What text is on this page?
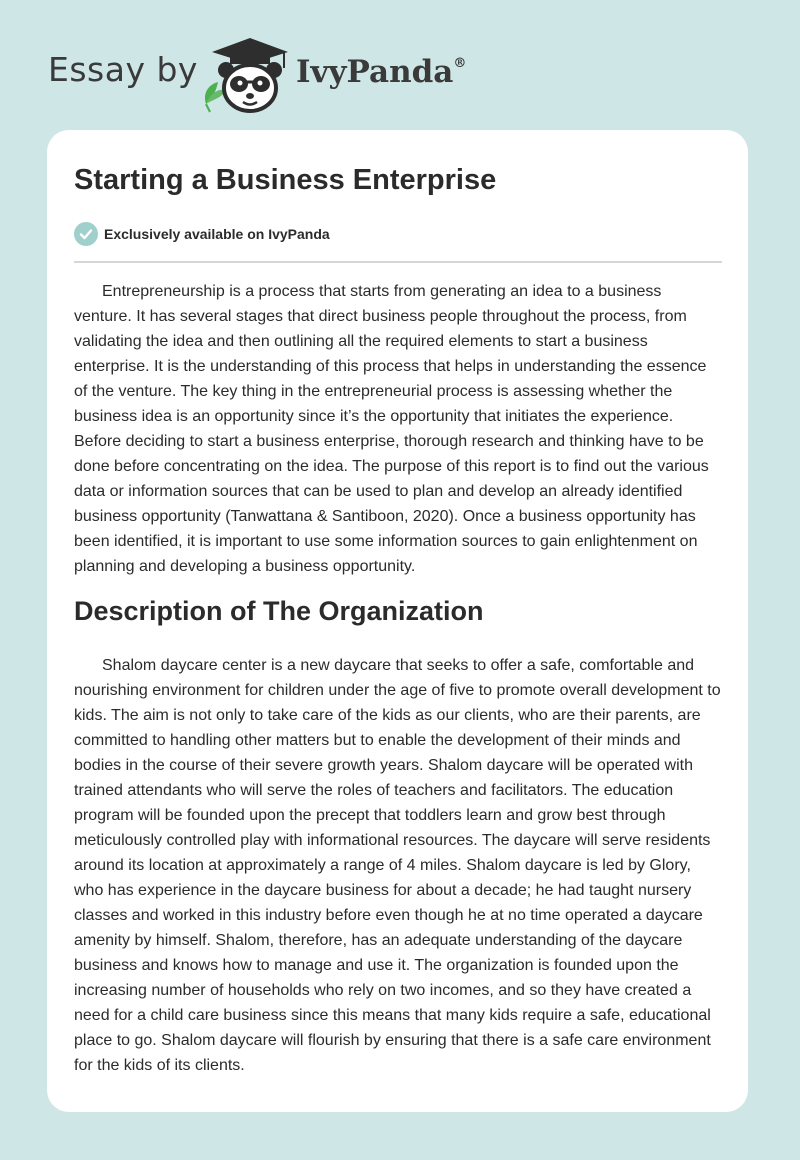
Essay by	IvyPanda®
Starting a Business Enterprise
Exclusively available on IvyPanda

Entrepreneurship is a process that starts from generating an idea to a business venture. It has several stages that direct business people throughout the process, from validating the idea and then outlining all the required elements to start a business enterprise. It is the understanding of this process that helps in understanding the essence of the venture. The key thing in the entrepreneurial process is assessing whether the business idea is an opportunity since it’s the opportunity that initiates the experience. Before deciding to start a business enterprise, thorough research and thinking have to be done before concentrating on the idea. The purpose of this report is to find out the various data or information sources that can be used to plan and develop an already identified business opportunity (Tanwattana & Santiboon, 2020). Once a business opportunity has been identified, it is important to use some information sources to gain enlightenment on planning and developing a business opportunity.

Description of The Organization

Shalom daycare center is a new daycare that seeks to offer a safe, comfortable and nourishing environment for children under the age of five to promote overall development to kids. The aim is not only to take care of the kids as our clients, who are their parents, are committed to handling other matters but to enable the development of their minds and bodies in the course of their severe growth years. Shalom daycare will be operated with trained attendants who will serve the roles of teachers and facilitators. The education program will be founded upon the precept that toddlers learn and grow best through meticulously controlled play with informational resources. The daycare will serve residents around its location at approximately a range of 4 miles. Shalom daycare is led by Glory, who has experience in the daycare business for about a decade; he had taught nursery classes and worked in this industry before even though he at no time operated a daycare amenity by himself. Shalom, therefore, has an adequate understanding of the daycare business and knows how to manage and use it. The organization is founded upon the increasing number of households who rely on two incomes, and so they have created a need for a child care business since this means that many kids require a safe, educational place to go. Shalom daycare will flourish by ensuring that there is a safe care environment for the kids of its clients.
